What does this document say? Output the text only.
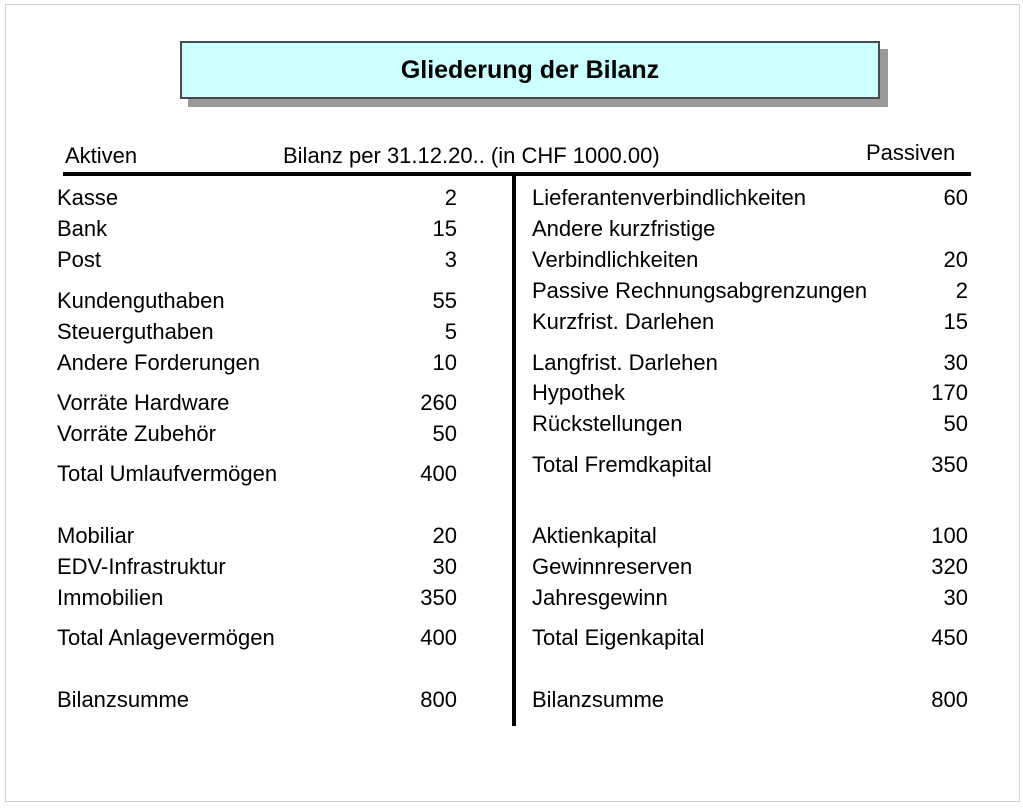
Gliederung der Bilanz
Aktiven	Bilanz per 31.12.20.. (in CHF 1000.00)	Passiven
Kasse	2
Bank	15
Post	3
Kundenguthaben	55
Steuerguthaben	5
Andere Forderungen	10
Vorräte Hardware	260
Vorräte Zubehör	50
Total Umlaufvermögen	400
Mobiliar	20
EDV-Infrastruktur	30
Immobilien	350
Total Anlagevermögen	400
Bilanzsumme	800
Lieferantenverbindlichkeiten	60
Andere kurzfristige
Verbindlichkeiten	20
Passive Rechnungsabgrenzungen	2
Kurzfrist. Darlehen	15
Langfrist. Darlehen	30
Hypothek	170
Rückstellungen	50
Total Fremdkapital	350
Aktienkapital	100
Gewinnreserven	320
Jahresgewinn	30
Total Eigenkapital	450
Bilanzsumme	800
